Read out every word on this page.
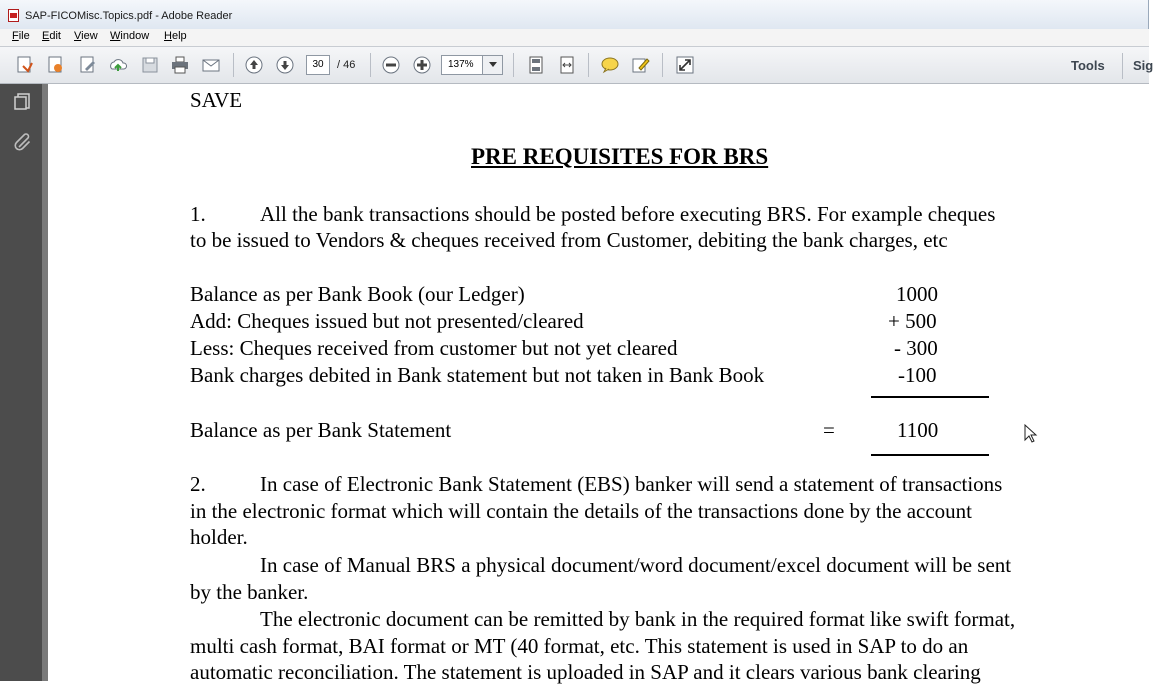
SAP-FICOMisc.Topics.pdf - Adobe Reader
File Edit View Window Help
30	/ 46	137%	Tools Sig
SAVE
PRE REQUISITES FOR BRS
1.	All the bank transactions should be posted before executing BRS. For example cheques
to be issued to Vendors & cheques received from Customer, debiting the bank charges, etc
Balance as per Bank Book (our Ledger)	1000
Add: Cheques issued but not presented/cleared	+ 500
Less: Cheques received from customer but not yet cleared	- 300
Bank charges debited in Bank statement but not taken in Bank Book	-100
Balance as per Bank Statement	=	1100
2.	In case of Electronic Bank Statement (EBS) banker will send a statement of transactions
in the electronic format which will contain the details of the transactions done by the account
holder.
In case of Manual BRS a physical document/word document/excel document will be sent
by the banker.
The electronic document can be remitted by bank in the required format like swift format,
multi cash format, BAI format or MT (40 format, etc. This statement is used in SAP to do an
automatic reconciliation. The statement is uploaded in SAP and it clears various bank clearing
